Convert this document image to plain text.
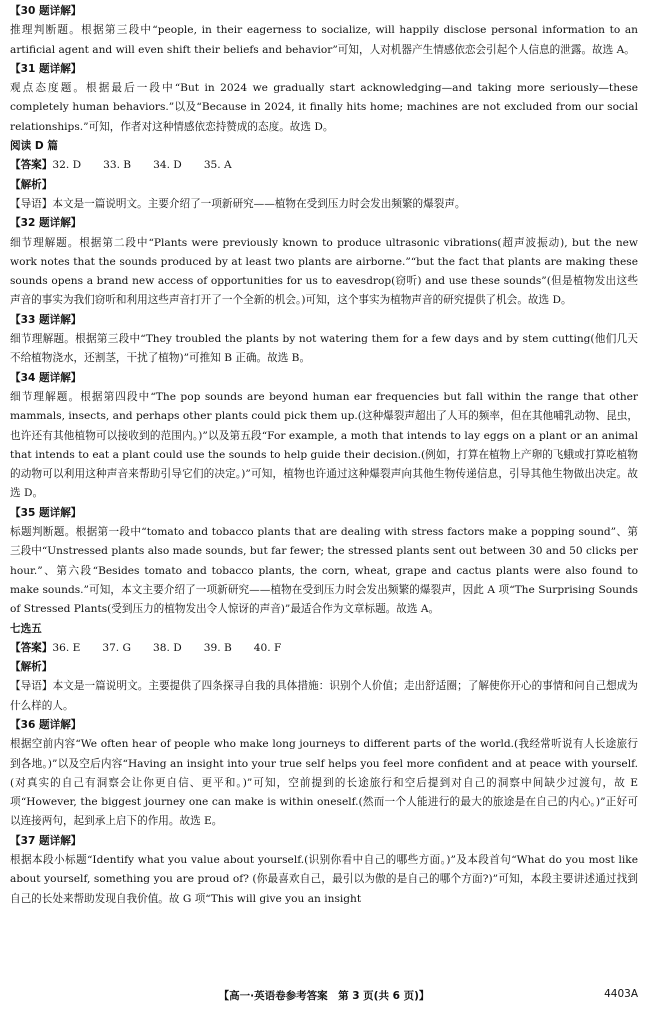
【30 题详解】

推理判断题。根据第三段中“people, in their eagerness to socialize, will happily disclose personal information to an artificial agent and will even shift their beliefs and behavior”可知，人对机器产生情感依恋会引起个人信息的泄露。故选 A。

【31 题详解】

观点态度题。根据最后一段中“But in 2024 we gradually start acknowledging—and taking more seriously—these completely human behaviors.”以及“Because in 2024, it finally hits home; machines are not excluded from our social relationships.”可知，作者对这种情感依恋持赞成的态度。故选 D。

阅读 D 篇
【答案】32. D 33. B 34. D 35. A
【解析】

【导语】本文是一篇说明文。主要介绍了一项新研究——植物在受到压力时会发出频繁的爆裂声。

【32 题详解】

细节理解题。根据第二段中“Plants were previously known to produce ultrasonic vibrations(超声波振动), but the new work notes that the sounds produced by at least two plants are airborne.”“but the fact that plants are making these sounds opens a brand new access of opportunities for us to eavesdrop(窃听) and use these sounds”(但是植物发出这些声音的事实为我们窃听和利用这些声音打开了一个全新的机会。)可知，这个事实为植物声音的研究提供了机会。故选 D。

【33 题详解】

细节理解题。根据第三段中“They troubled the plants by not watering them for a few days and by stem cutting(他们几天不给植物浇水，还割茎，干扰了植物)”可推知 B 正确。故选 B。

【34 题详解】

细节理解题。根据第四段中“The pop sounds are beyond human ear frequencies but fall within the range that other mammals, insects, and perhaps other plants could pick them up.(这种爆裂声超出了人耳的频率，但在其他哺乳动物、昆虫，也许还有其他植物可以接收到的范围内。)”以及第五段“For example, a moth that intends to lay eggs on a plant or an animal that intends to eat a plant could use the sounds to help guide their decision.(例如，打算在植物上产卵的飞蛾或打算吃植物的动物可以利用这种声音来帮助引导它们的决定。)”可知，植物也许通过这种爆裂声向其他生物传递信息，引导其他生物做出决定。故选 D。

【35 题详解】

标题判断题。根据第一段中“tomato and tobacco plants that are dealing with stress factors make a popping sound”、第三段中“Unstressed plants also made sounds, but far fewer; the stressed plants sent out between 30 and 50 clicks per hour.”、第六段“Besides tomato and tobacco plants, the corn, wheat, grape and cactus plants were also found to make sounds.”可知，本文主要介绍了一项新研究——植物在受到压力时会发出频繁的爆裂声，因此 A 项“The Surprising Sounds of Stressed Plants(受到压力的植物发出令人惊讶的声音)”最适合作为文章标题。故选 A。

七选五
【答案】36. E 37. G 38. D 39. B 40. F
【解析】

【导语】本文是一篇说明文。主要提供了四条探寻自我的具体措施：识别个人价值；走出舒适圈；了解使你开心的事情和问自己想成为什么样的人。

【36 题详解】

根据空前内容“We often hear of people who make long journeys to different parts of the world.(我经常听说有人长途旅行到各地。)”以及空后内容“Having an insight into your true self helps you feel more confident and at peace with yourself.(对真实的自己有洞察会让你更自信、更平和。)”可知，空前提到的长途旅行和空后提到对自己的洞察中间缺少过渡句，故 E 项“However, the biggest journey one can make is within oneself.(然而一个人能进行的最大的旅途是在自己的内心。)”正好可以连接两句，起到承上启下的作用。故选 E。

【37 题详解】

根据本段小标题“Identify what you value about yourself.(识别你看中自己的哪些方面。)”及本段首句“What do you most like about yourself, something you are proud of? (你最喜欢自己，最引以为傲的是自己的哪个方面?)”可知，本段主要讲述通过找到自己的长处来帮助发现自我价值。故 G 项“This will give you an insight

【高一·英语卷参考答案　第 3 页(共 6 页)】	4403A
